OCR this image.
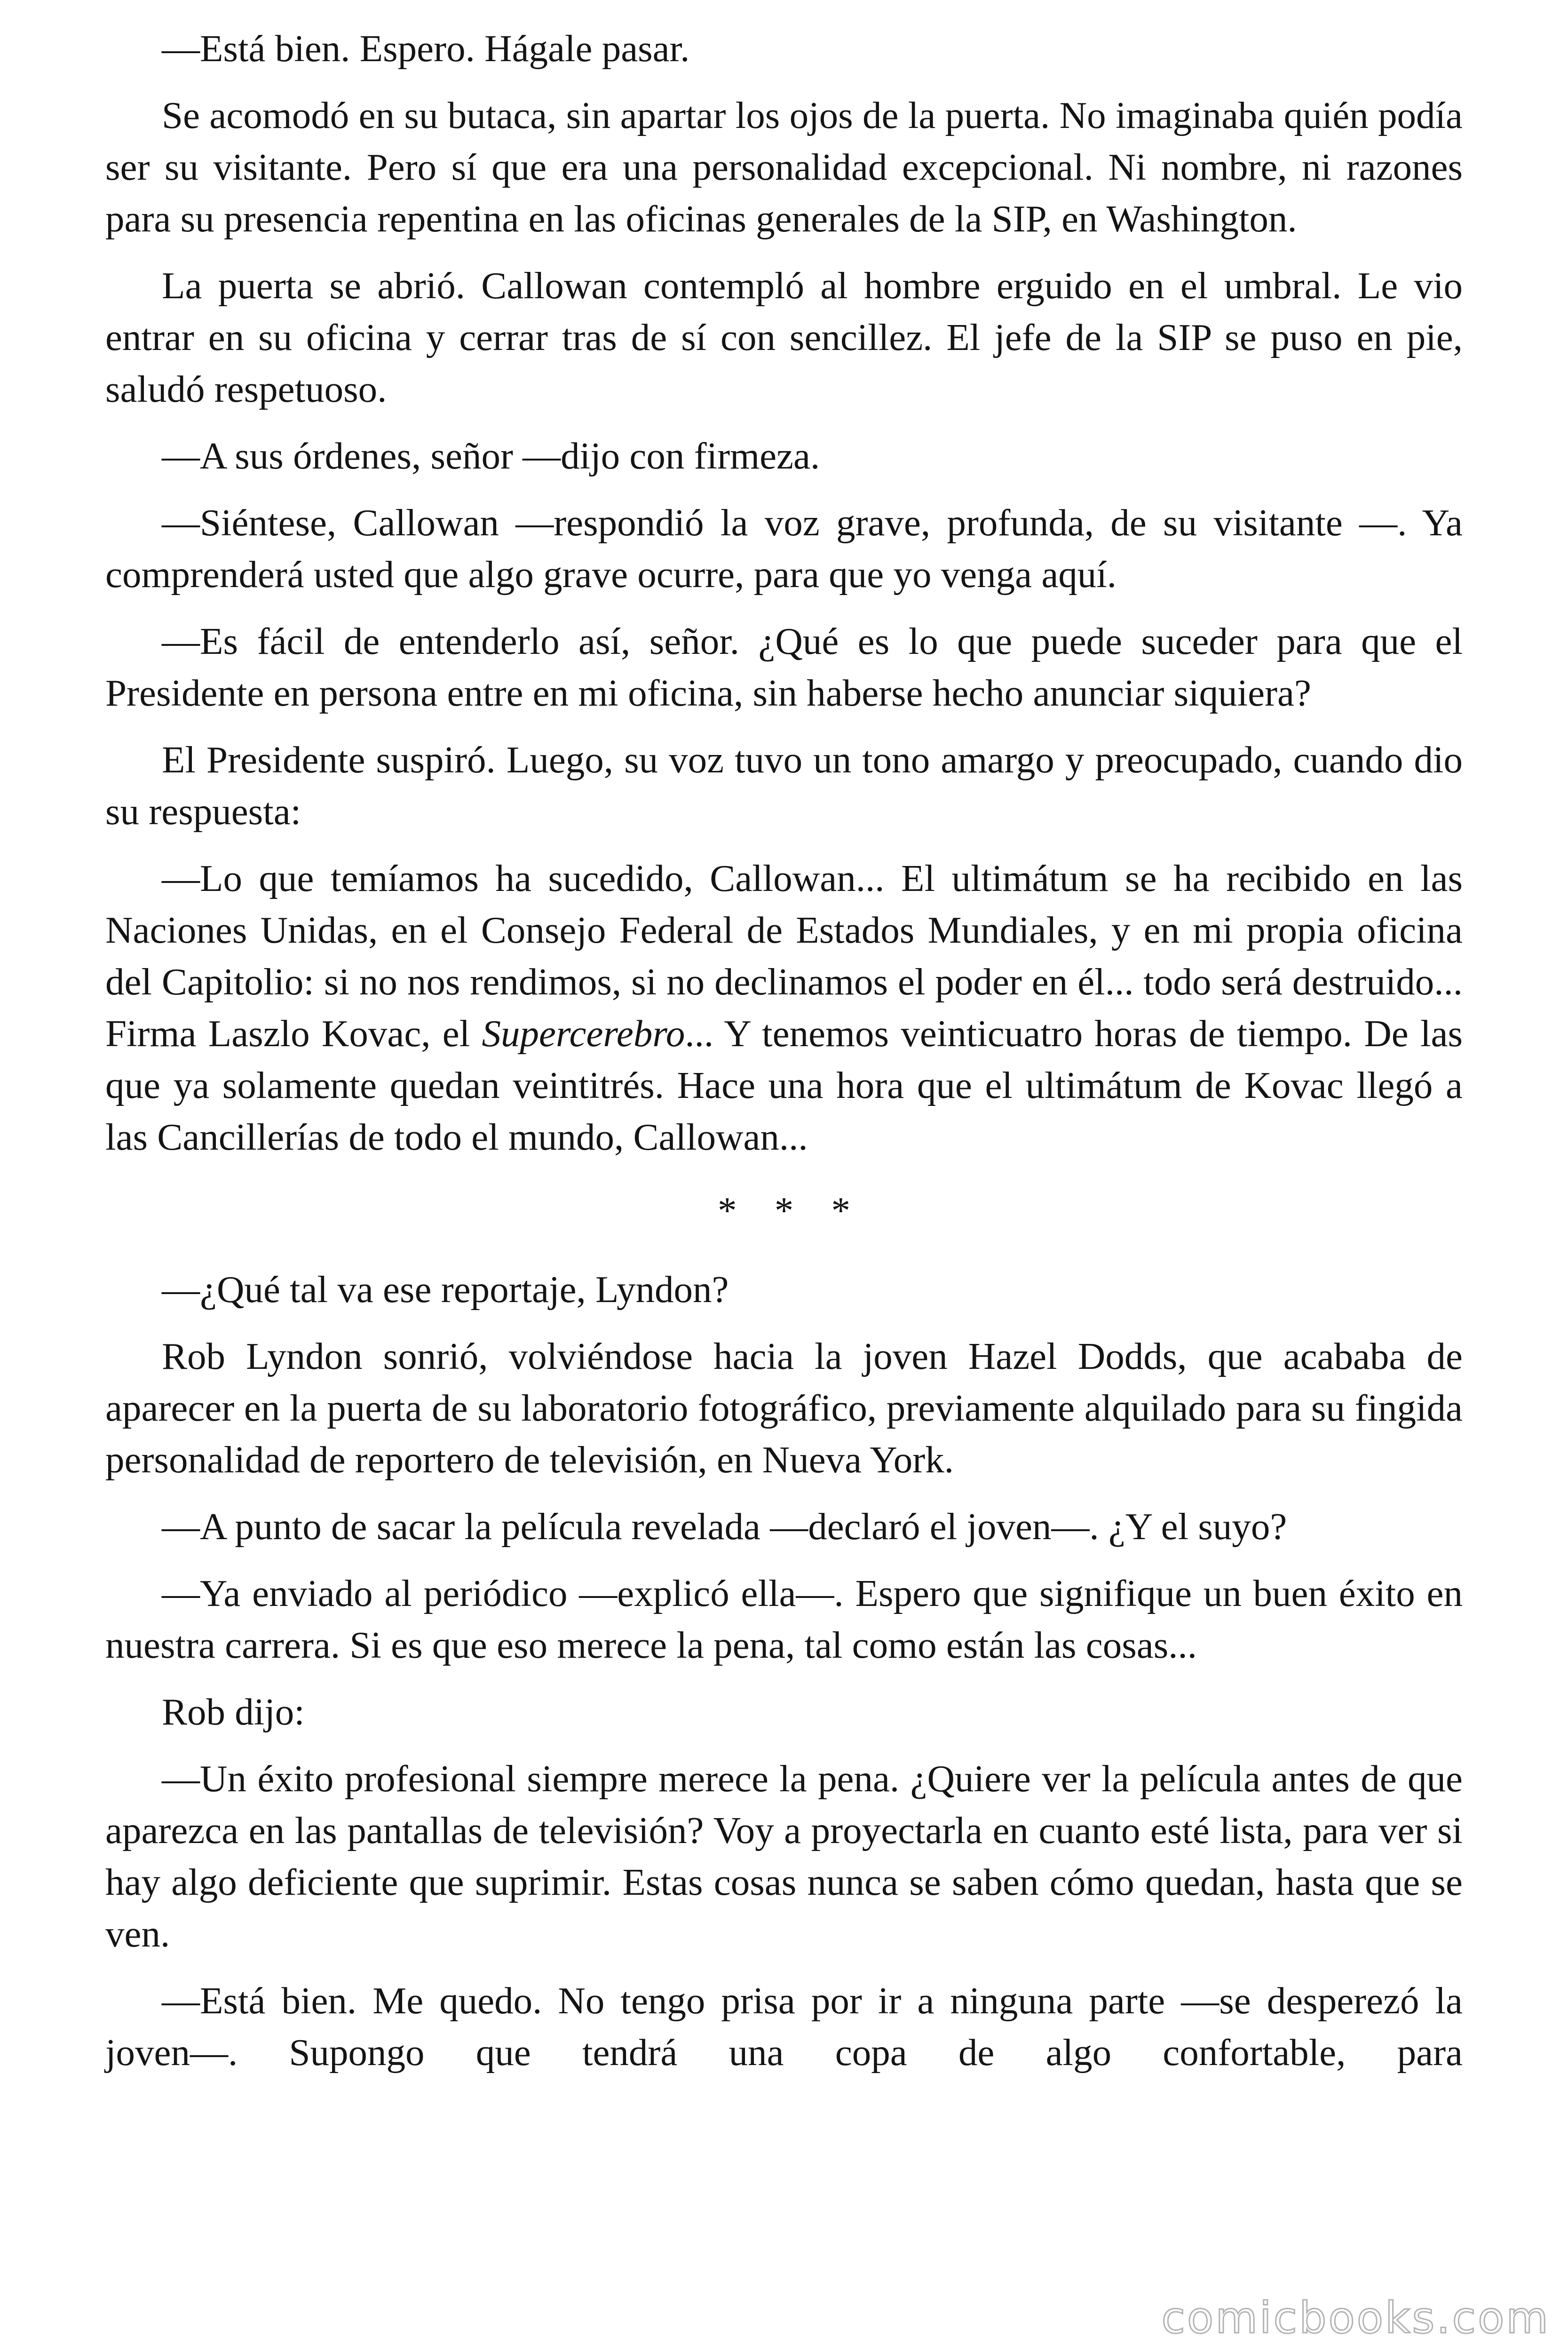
—Está bien. Espero. Hágale pasar.

Se acomodó en su butaca, sin apartar los ojos de la puerta. No imaginaba quién podía ser su visitante. Pero sí que era una personalidad excepcional. Ni nombre, ni razones para su presencia repentina en las oficinas generales de la SIP, en Washington.

La puerta se abrió. Callowan contempló al hombre erguido en el umbral. Le vio entrar en su oficina y cerrar tras de sí con sencillez. El jefe de la SIP se puso en pie, saludó respetuoso.

—A sus órdenes, señor —dijo con firmeza.

—Siéntese, Callowan —respondió la voz grave, profunda, de su visitante —. Ya comprenderá usted que algo grave ocurre, para que yo venga aquí.

—Es fácil de entenderlo así, señor. ¿Qué es lo que puede suceder para que el Presidente en persona entre en mi oficina, sin haberse hecho anunciar siquiera?

El Presidente suspiró. Luego, su voz tuvo un tono amargo y preocupado, cuando dio su respuesta:

—Lo que temíamos ha sucedido, Callowan... El ultimátum se ha recibido en las Naciones Unidas, en el Consejo Federal de Estados Mundiales, y en mi propia oficina del Capitolio: si no nos rendimos, si no declinamos el poder en él... todo será destruido... Firma Laszlo Kovac, el Supercerebro... Y tenemos veinticuatro horas de tiempo. De las que ya solamente quedan veintitrés. Hace una hora que el ultimátum de Kovac llegó a las Cancillerías de todo el mundo, Callowan...

* * *

—¿Qué tal va ese reportaje, Lyndon?

Rob Lyndon sonrió, volviéndose hacia la joven Hazel Dodds, que acababa de aparecer en la puerta de su laboratorio fotográfico, previamente alquilado para su fingida personalidad de reportero de televisión, en Nueva York.

—A punto de sacar la película revelada —declaró el joven—. ¿Y el suyo?

—Ya enviado al periódico —explicó ella—. Espero que signifique un buen éxito en nuestra carrera. Si es que eso merece la pena, tal como están las cosas...

Rob dijo:

—Un éxito profesional siempre merece la pena. ¿Quiere ver la película antes de que aparezca en las pantallas de televisión? Voy a proyectarla en cuanto esté lista, para ver si hay algo deficiente que suprimir. Estas cosas nunca se saben cómo quedan, hasta que se ven.

—Está bien. Me quedo. No tengo prisa por ir a ninguna parte —se desperezó la joven—. Supongo que tendrá una copa de algo confortable, para

comicbooks.com
